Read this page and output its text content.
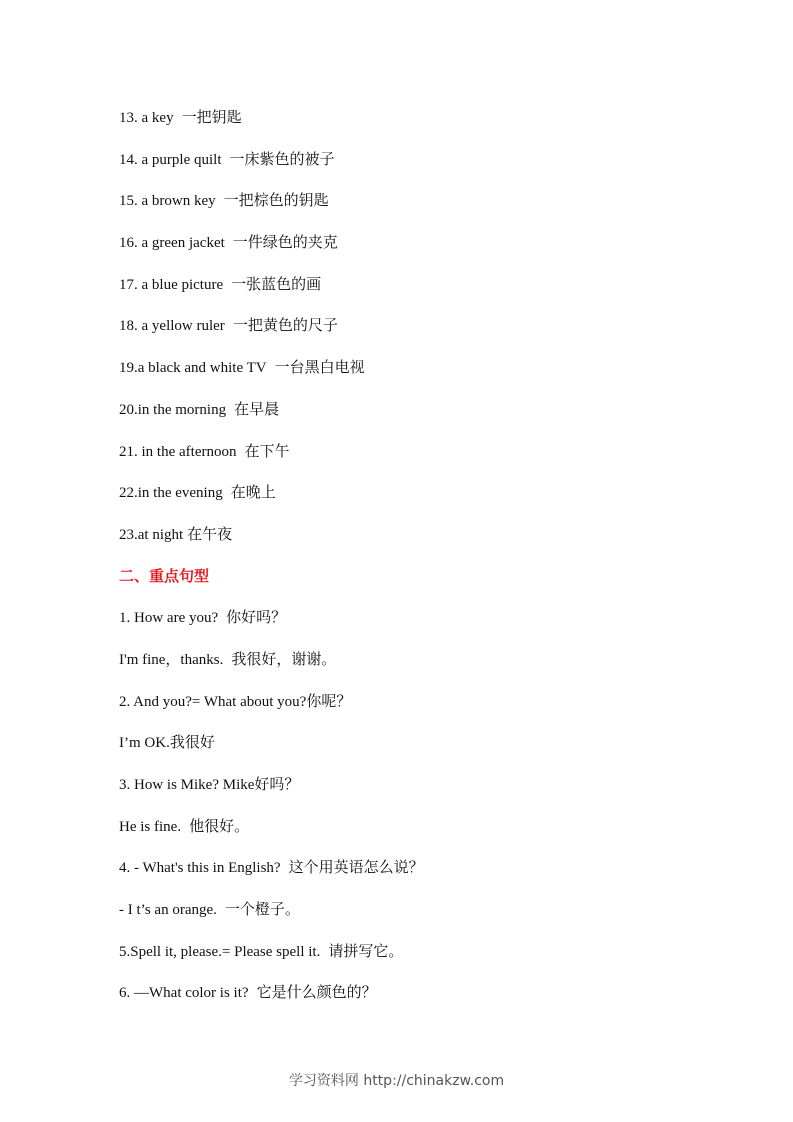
13. a key 一把钥匙
14. a purple quilt 一床紫色的被子
15. a brown key 一把棕色的钥匙
16. a green jacket 一件绿色的夹克
17. a blue picture 一张蓝色的画
18. a yellow ruler 一把黄色的尺子
19.a black and white TV 一台黑白电视
20.in the morning 在早晨
21. in the afternoon 在下午
22.in the evening 在晚上
23.at night 在午夜
二、重点句型
1. How are you? 你好吗？
I'm fine，thanks. 我很好，谢谢。
2. And you?= What about you?你呢？
I’m OK.我很好
3. How is Mike? Mike好吗？
He is fine. 他很好。
4. - What's this in English? 这个用英语怎么说？
- I t’s an orange. 一个橙子。
5.Spell it, please.= Please spell it. 请拼写它。
6. —What color is it? 它是什么颜色的？
学习资料网 http://chinakzw.com
